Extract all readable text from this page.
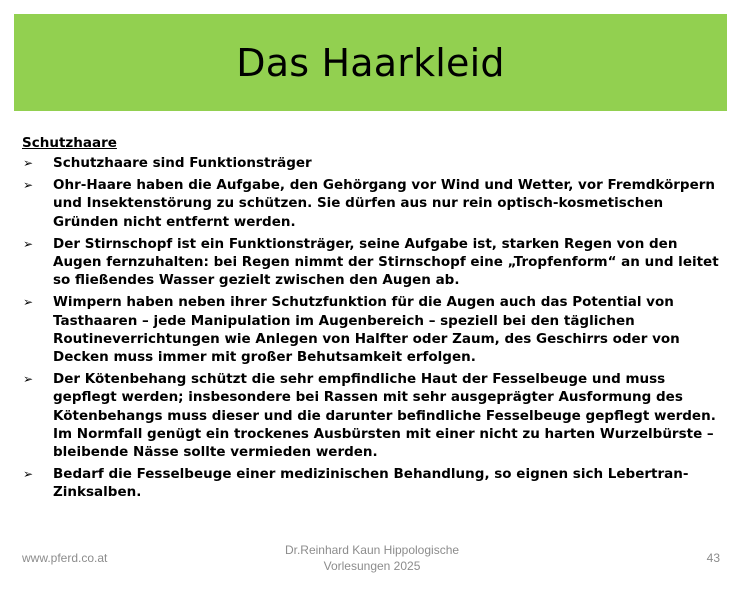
Das Haarkleid
Schutzhaare
➢ Schutzhaare sind Funktionsträger
➢ Ohr-Haare haben die Aufgabe, den Gehörgang vor Wind und Wetter, vor Fremdkörpern und Insektenstörung zu schützen. Sie dürfen aus nur rein optisch-kosmetischen Gründen nicht entfernt werden.
➢ Der Stirnschopf ist ein Funktionsträger, seine Aufgabe ist, starken Regen von den Augen fernzuhalten: bei Regen nimmt der Stirnschopf eine „Tropfenform“ an und leitet so fließendes Wasser gezielt zwischen den Augen ab.
➢ Wimpern haben neben ihrer Schutzfunktion für die Augen auch das Potential von Tasthaaren – jede Manipulation im Augenbereich – speziell bei den täglichen Routineverrichtungen wie Anlegen von Halfter oder Zaum, des Geschirrs oder von Decken muss immer mit großer Behutsamkeit erfolgen.
➢ Der Kötenbehang schützt die sehr empfindliche Haut der Fesselbeuge und muss gepflegt werden; insbesondere bei Rassen mit sehr ausgeprägter Ausformung des Kötenbehangs muss dieser und die darunter befindliche Fesselbeuge gepflegt werden. Im Normfall genügt ein trockenes Ausbürsten mit einer nicht zu harten Wurzelbürste – bleibende Nässe sollte vermieden werden.
➢ Bedarf die Fesselbeuge einer medizinischen Behandlung, so eignen sich Lebertran-Zinksalben.
www.pferd.co.at
Dr.Reinhard Kaun Hippologische
Vorlesungen 2025
43
